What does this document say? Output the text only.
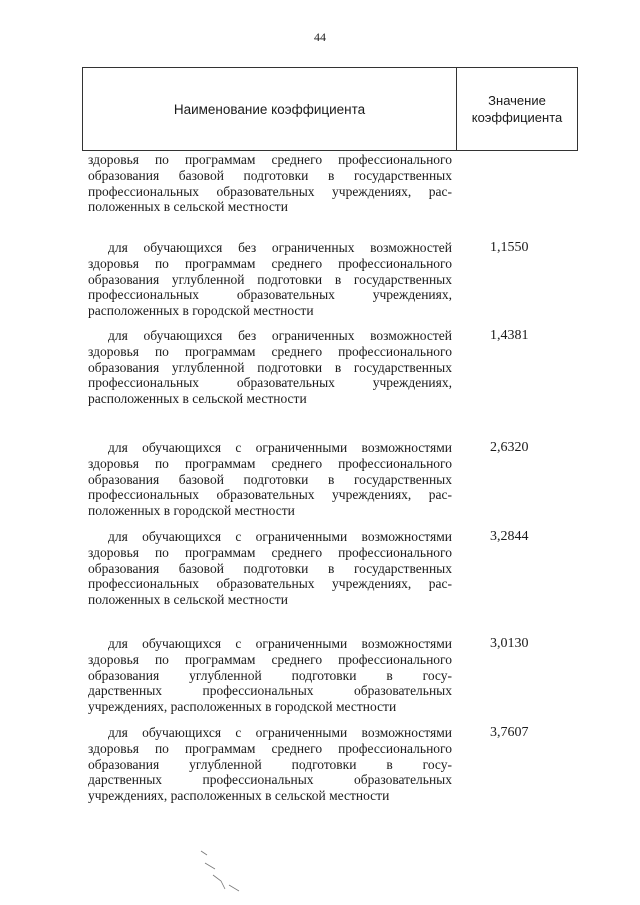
44
Наименование коэффициента
Значение
коэффициента
здоровья по программам среднего профессионального
образования базовой подготовки в государственных
профессиональных образовательных учреждениях, рас-
положенных в сельской местности
для обучающихся без ограниченных возможностей
здоровья по программам среднего профессионального
образования углубленной подготовки в государственных
профессиональных образовательных учреждениях,
расположенных в городской местности
1,1550
для обучающихся без ограниченных возможностей
здоровья по программам среднего профессионального
образования углубленной подготовки в государственных
профессиональных образовательных учреждениях,
расположенных в сельской местности
1,4381
для обучающихся с ограниченными возможностями
здоровья по программам среднего профессионального
образования базовой подготовки в государственных
профессиональных образовательных учреждениях, рас-
положенных в городской местности
2,6320
для обучающихся с ограниченными возможностями
здоровья по программам среднего профессионального
образования базовой подготовки в государственных
профессиональных образовательных учреждениях, рас-
положенных в сельской местности
3,2844
для обучающихся с ограниченными возможностями
здоровья по программам среднего профессионального
образования углубленной подготовки в госу-
дарственных профессиональных образовательных
учреждениях, расположенных в городской местности
3,0130
для обучающихся с ограниченными возможностями
здоровья по программам среднего профессионального
образования углубленной подготовки в госу-
дарственных профессиональных образовательных
учреждениях, расположенных в сельской местности
3,7607
